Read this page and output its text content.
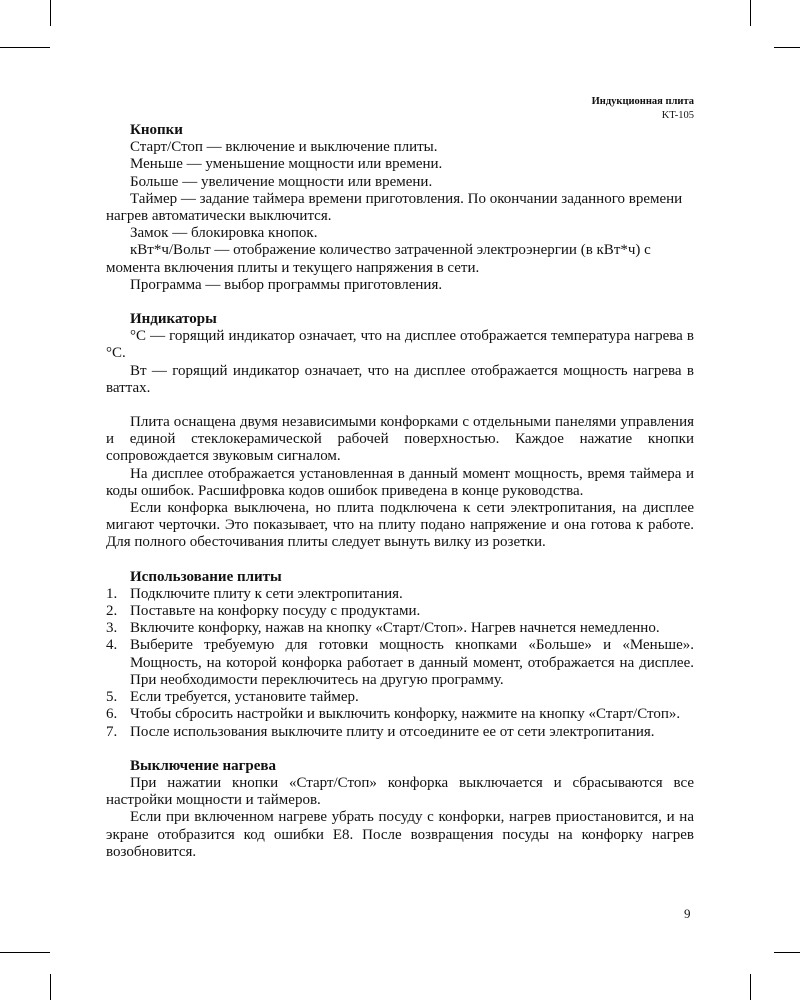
Индукционная плита
KT-105
Кнопки

Старт/Стоп — включение и выключение плиты.

Меньше — уменьшение мощности или времени.

Больше — увеличение мощности или времени.

Таймер — задание таймера времени приготовления. По окончании заданного времени нагрев автоматически выключится.

Замок — блокировка кнопок.

кВт*ч/Вольт — отображение количество затраченной электроэнергии (в кВт*ч) с момента включения плиты и текущего напряжения в сети.

Программа — выбор программы приготовления.

Индикаторы

°C — горящий индикатор означает, что на дисплее отображается температура нагрева в °C.

Вт — горящий индикатор означает, что на дисплее отображается мощность нагрева в ваттах.

Плита оснащена двумя независимыми конфорками с отдельными панелями управления и единой стеклокерамической рабочей поверхностью. Каждое нажатие кнопки сопровождается звуковым сигналом.

На дисплее отображается установленная в данный момент мощность, время таймера и коды ошибок. Расшифровка кодов ошибок приведена в конце руководства.

Если конфорка выключена, но плита подключена к сети электропитания, на дисплее мигают черточки. Это показывает, что на плиту подано напряжение и она готова к работе. Для полного обесточивания плиты следует вынуть вилку из розетки.

Использование плиты
1. Подключите плиту к сети электропитания.
2. Поставьте на конфорку посуду с продуктами.
3. Включите конфорку, нажав на кнопку «Старт/Стоп». Нагрев начнется немедленно.
4. Выберите требуемую для готовки мощность кнопками «Больше» и «Меньше». Мощность, на которой конфорка работает в данный момент, отображается на дисплее. При необходимости переключитесь на другую программу.
5. Если требуется, установите таймер.
6. Чтобы сбросить настройки и выключить конфорку, нажмите на кнопку «Старт/Стоп».
7. После использования выключите плиту и отсоедините ее от сети электропитания.
Выключение нагрева

При нажатии кнопки «Старт/Стоп» конфорка выключается и сбрасываются все настройки мощности и таймеров.

Если при включенном нагреве убрать посуду с конфорки, нагрев приостановится, и на экране отобразится код ошибки E8. После возвращения посуды на конфорку нагрев возобновится.

9
